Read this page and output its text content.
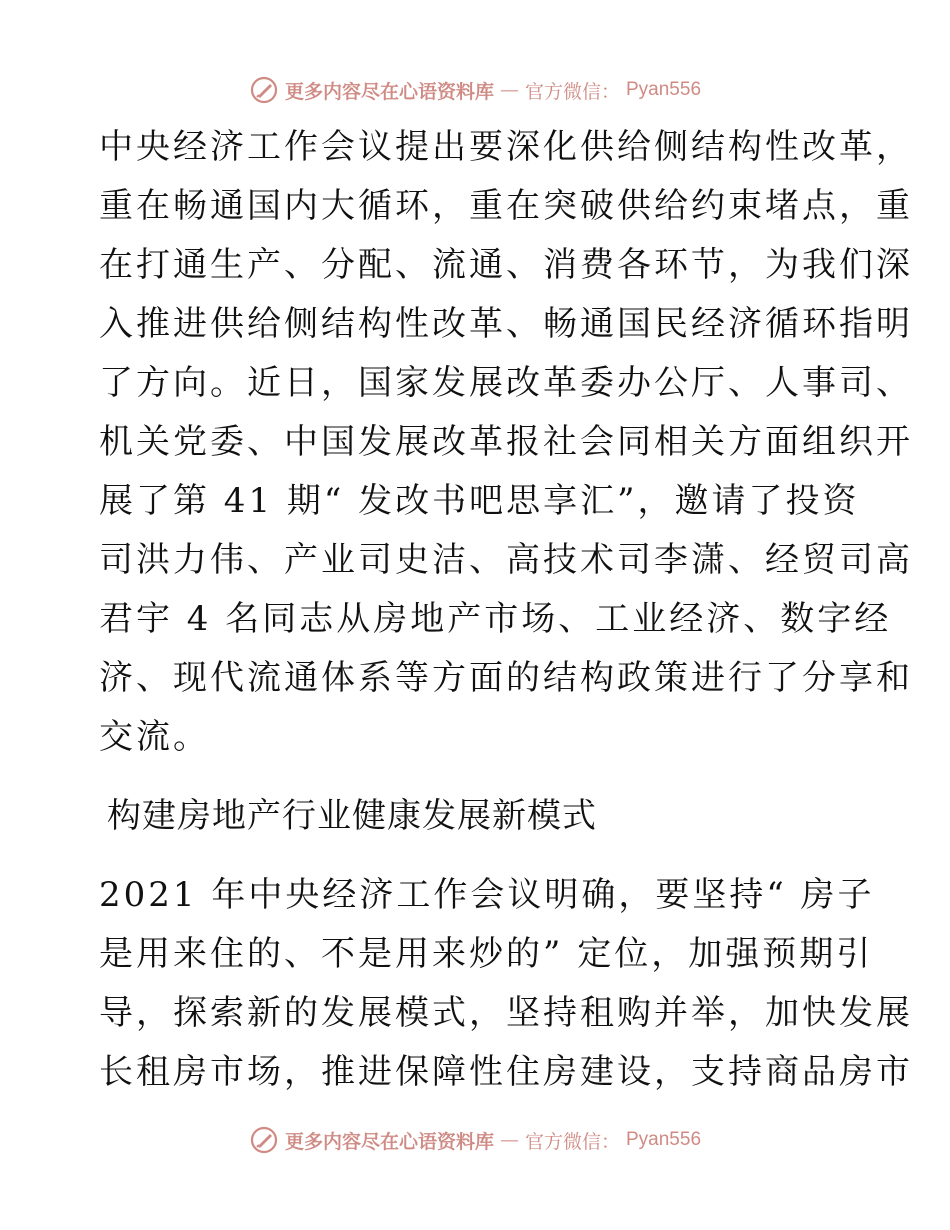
更多内容尽在心语资料库 — 官方微信： Pyan556
中央经济工作会议提出要深化供给侧结构性改革，
重在畅通国内大循环，重在突破供给约束堵点，重
在打通生产、分配、流通、消费各环节，为我们深
入推进供给侧结构性改革、畅通国民经济循环指明
了方向。近日，国家发展改革委办公厅、人事司、
机关党委、中国发展改革报社会同相关方面组织开
展了第 41 期“ 发改书吧思享汇”，邀请了投资
司洪力伟、产业司史洁、高技术司李潇、经贸司高
君宇 4 名同志从房地产市场、工业经济、数字经
济、现代流通体系等方面的结构政策进行了分享和
交流。
构建房地产行业健康发展新模式
2021 年中央经济工作会议明确，要坚持“ 房子
是用来住的、不是用来炒的” 定位，加强预期引
导，探索新的发展模式，坚持租购并举，加快发展
长租房市场，推进保障性住房建设，支持商品房市
更多内容尽在心语资料库 — 官方微信： Pyan556
